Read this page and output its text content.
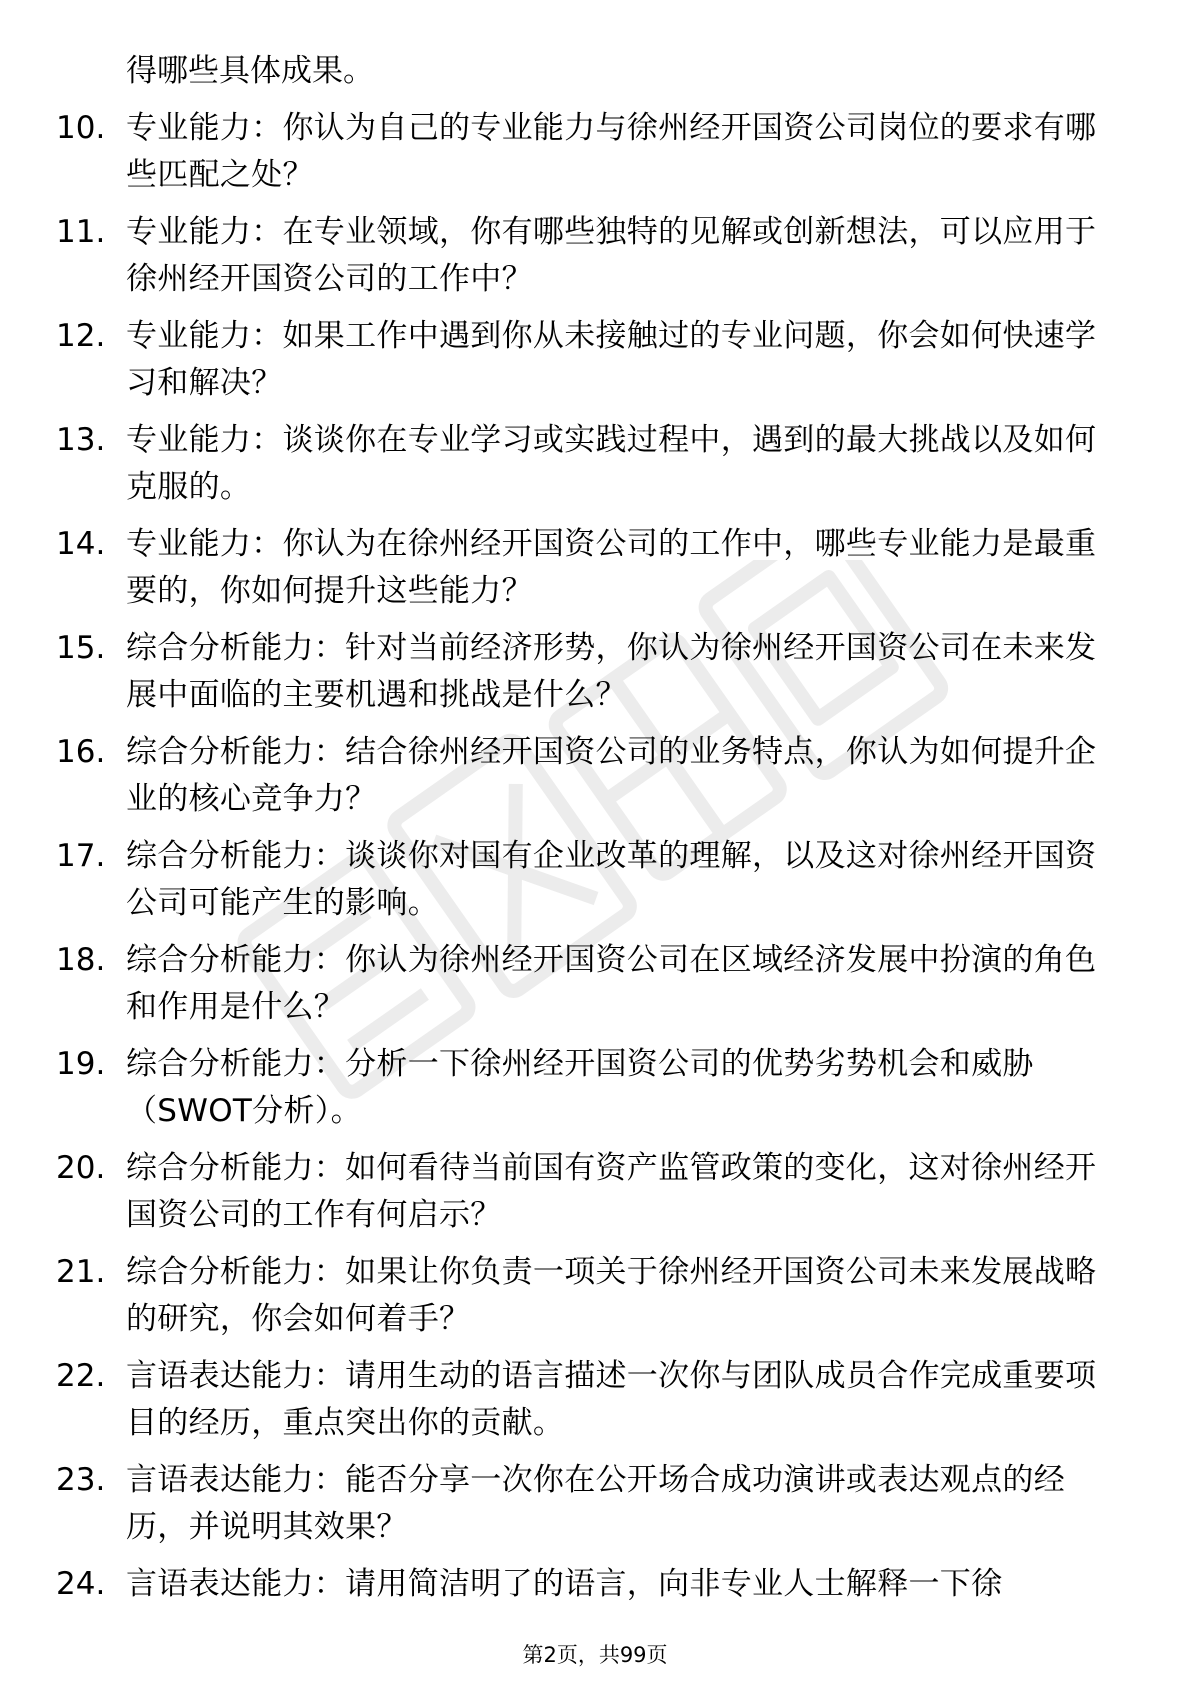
得哪些具体成果。

10. 专业能力：你认为自己的专业能力与徐州经开国资公司岗位的要求有哪些匹配之处？

11. 专业能力：在专业领域，你有哪些独特的见解或创新想法，可以应用于徐州经开国资公司的工作中？

12. 专业能力：如果工作中遇到你从未接触过的专业问题，你会如何快速学习和解决？

13. 专业能力：谈谈你在专业学习或实践过程中，遇到的最大挑战以及如何克服的。

14. 专业能力：你认为在徐州经开国资公司的工作中，哪些专业能力是最重要的，你如何提升这些能力？

15. 综合分析能力：针对当前经济形势，你认为徐州经开国资公司在未来发展中面临的主要机遇和挑战是什么？

16. 综合分析能力：结合徐州经开国资公司的业务特点，你认为如何提升企业的核心竞争力？

17. 综合分析能力：谈谈你对国有企业改革的理解，以及这对徐州经开国资公司可能产生的影响。

18. 综合分析能力：你认为徐州经开国资公司在区域经济发展中扮演的角色和作用是什么？

19. 综合分析能力：分析一下徐州经开国资公司的优势劣势机会和威胁（SWOT分析）。

20. 综合分析能力：如何看待当前国有资产监管政策的变化，这对徐州经开国资公司的工作有何启示？

21. 综合分析能力：如果让你负责一项关于徐州经开国资公司未来发展战略的研究，你会如何着手？

22. 言语表达能力：请用生动的语言描述一次你与团队成员合作完成重要项目的经历，重点突出你的贡献。

23. 言语表达能力：能否分享一次你在公开场合成功演讲或表达观点的经历，并说明其效果？

24. 言语表达能力：请用简洁明了的语言，向非专业人士解释一下徐

第2页，共99页
